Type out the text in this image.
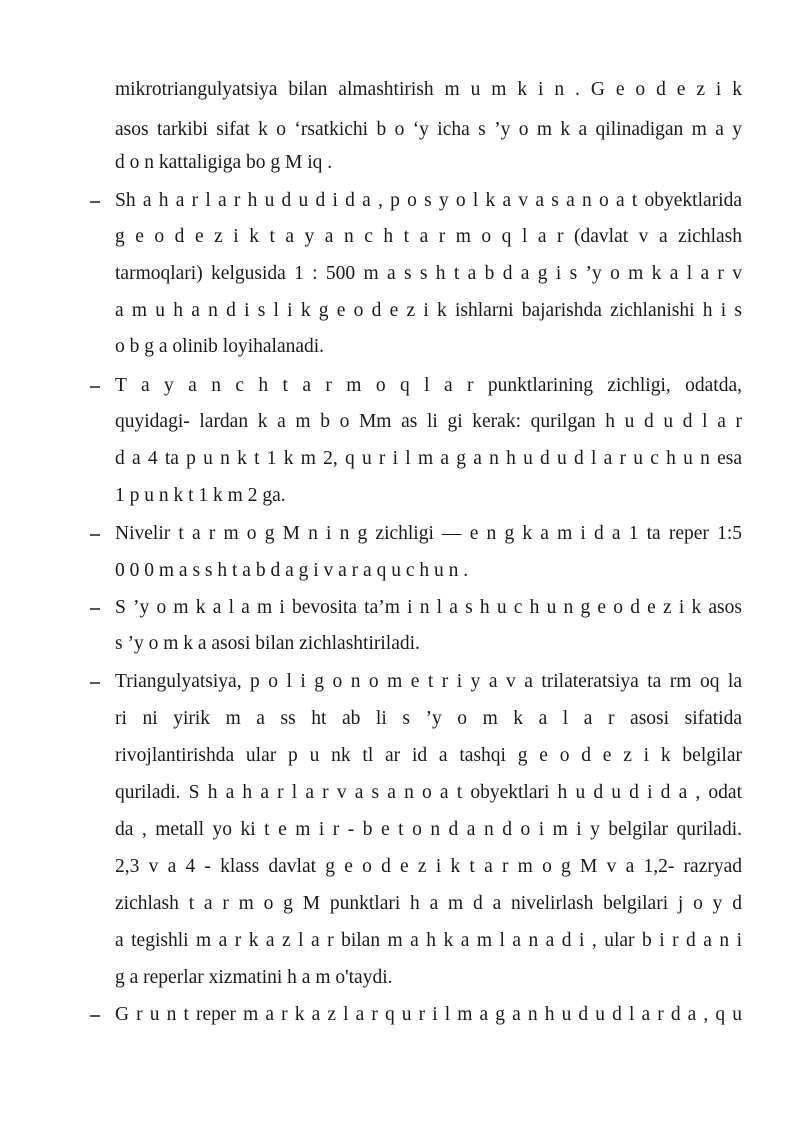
mikrotriangulyatsiya bilan almashtirish m u m k i n . G e o d e z i k
asos tarkibi sifat k o ‘rsatkichi b o ‘y icha s ’y o m k a qilinadigan m a y
d o n kattaligiga bo g M iq .
Sh a h a r l a r h u d u d i d a , p o s y o l k a v a s a n o a t obyektlarida
g e o d e z i k t a y a n c h t a r m o q l a r (davlat v a zichlash
tarmoqlari) kelgusida 1 : 500 m a s s h t a b d a g i s ’y o m k a l a r v
a m u h a n d i s l i k g e o d e z i k ishlarni bajarishda zichlanishi h i s
o b g a olinib loyihalanadi.
T a y a n c h t a r m o q l a r punktlarining zichligi, odatda,
quyidagi- lardan k a m b o Mm as li gi kerak: qurilgan h u d u d l a r
d a 4 ta p u n k t 1 k m 2, q u r i l m a g a n h u d u d l a r u c h u n esa
1 p u n k t 1 k m 2 ga.
Nivelir t a r m o g M n i n g zichligi — e n g k a m i d a 1 ta reper 1:5
0 0 0 m a s s h t a b d a g i v a r a q u c h u n .
S ’y o m k a l a m i bevosita ta’m i n l a s h u c h u n g e o d e z i k asos
s ’y o m k a asosi bilan zichlashtiriladi.
Triangulyatsiya, p o l i g o n o m e t r i y a v a trilateratsiya ta rm oq la
ri ni yirik m a ss ht ab li s ’y o m k a l a r asosi sifatida
rivojlantirishda ular p u nk tl ar id a tashqi g e o d e z i k belgilar
quriladi. S h a h a r l a r v a s a n o a t obyektlari h u d u d i d a , odat
da , metall yo ki t e m i r - b e t o n d a n d o i m i y belgilar quriladi.
2,3 v a 4 - klass davlat g e o d e z i k t a r m o g M v a 1,2- razryad
zichlash t a r m o g M punktlari h a m d a nivelirlash belgilari j o y d
a tegishli m a r k a z l a r bilan m a h k a m l a n a d i , ular b i r d a n i
g a reperlar xizmatini h a m o'taydi.
G r u n t reper m a r k a z l a r q u r i l m a g a n h u d u d l a r d a , q u
